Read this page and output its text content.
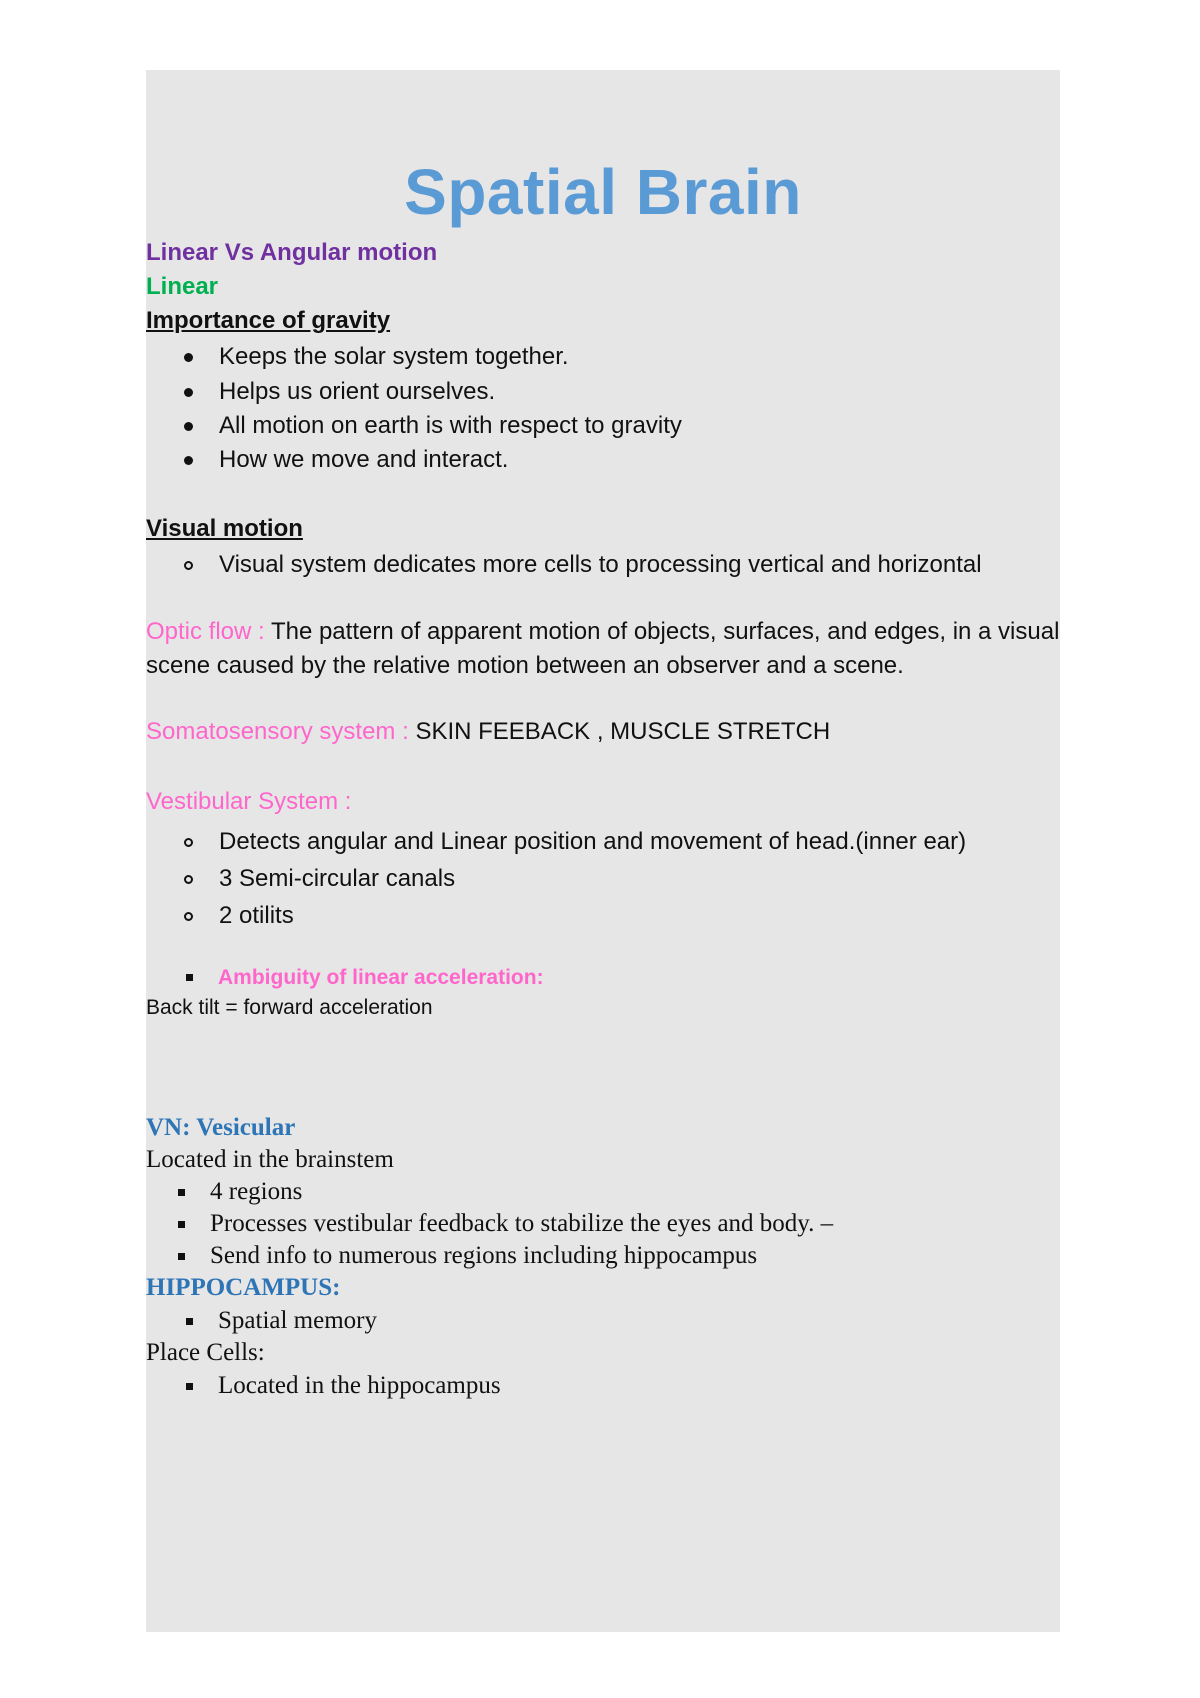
Spatial Brain
Linear Vs Angular motion
Linear
Importance of gravity
Keeps the solar system together.
Helps us orient ourselves.
All motion on earth is with respect to gravity
How we move and interact.
Visual motion
Visual system dedicates more cells to processing vertical and horizontal
Optic flow : The pattern of apparent motion of objects, surfaces, and edges, in a visual scene caused by the relative motion between an observer and a scene.
Somatosensory system : SKIN FEEBACK , MUSCLE STRETCH
Vestibular System :
Detects angular and Linear position and movement of head.(inner ear)
3 Semi-circular canals
2 otilits
Ambiguity of linear acceleration:
Back tilt = forward acceleration
VN: Vesicular
Located in the brainstem
4 regions
Processes vestibular feedback to stabilize the eyes and body. –
Send info to numerous regions including hippocampus
HIPPOCAMPUS:
Spatial memory
Place Cells:
Located in the hippocampus
